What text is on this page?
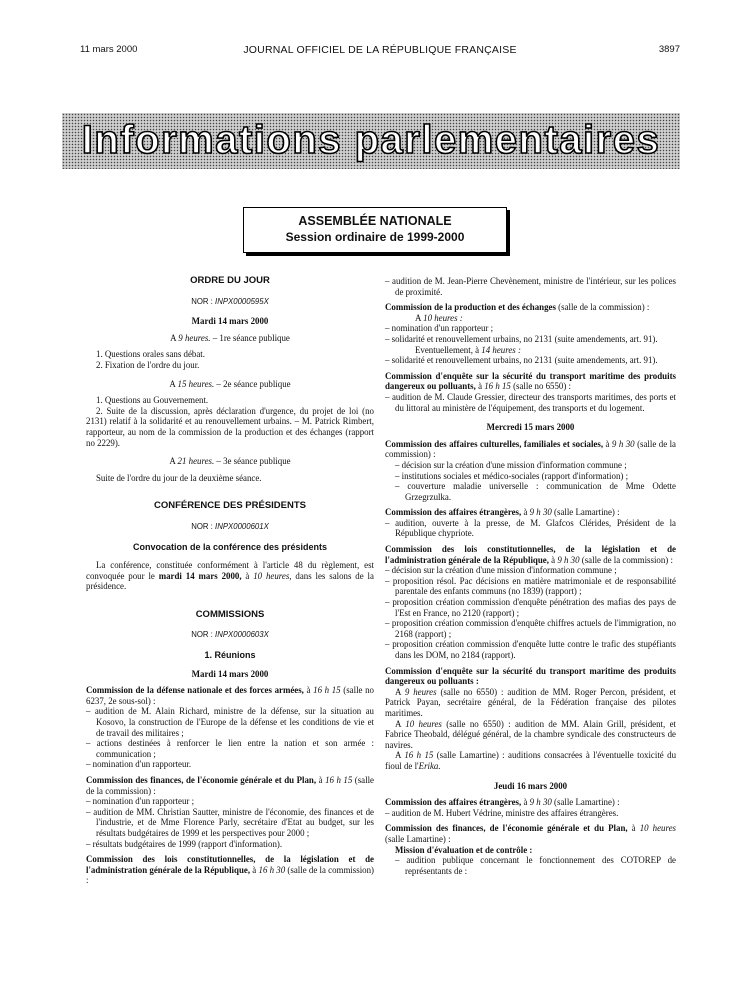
11 mars 2000	JOURNAL OFFICIEL DE LA RÉPUBLIQUE FRANÇAISE	3897
Informations parlementaires
ASSEMBLÉE NATIONALE
Session ordinaire de 1999-2000
ORDRE DU JOUR
NOR : INPX0000595X
Mardi 14 mars 2000
A 9 heures. – 1re séance publique

1. Questions orales sans débat.

2. Fixation de l'ordre du jour.

A 15 heures. – 2e séance publique

1. Questions au Gouvernement.

2. Suite de la discussion, après déclaration d'urgence, du projet de loi (no 2131) relatif à la solidarité et au renouvellement urbains. – M. Patrick Rimbert, rapporteur, au nom de la commission de la production et des échanges (rapport no 2229).

A 21 heures. – 3e séance publique

Suite de l'ordre du jour de la deuxième séance.

CONFÉRENCE DES PRÉSIDENTS
NOR : INPX0000601X
Convocation de la conférence des présidents

La conférence, constituée conformément à l'article 48 du règlement, est convoquée pour le mardi 14 mars 2000, à 10 heures, dans les salons de la présidence.

COMMISSIONS
NOR : INPX0000603X
1. Réunions
Mardi 14 mars 2000

Commission de la défense nationale et des forces armées, à 16 h 15 (salle no 6237, 2e sous-sol) :

– audition de M. Alain Richard, ministre de la défense, sur la situation au Kosovo, la construction de l'Europe de la défense et les conditions de vie et de travail des militaires ;

– actions destinées à renforcer le lien entre la nation et son armée : communication ;

– nomination d'un rapporteur.

Commission des finances, de l'économie générale et du Plan, à 16 h 15 (salle de la commission) :

– nomination d'un rapporteur ;

– audition de MM. Christian Sautter, ministre de l'économie, des finances et de l'industrie, et de Mme Florence Parly, secrétaire d'Etat au budget, sur les résultats budgétaires de 1999 et les perspectives pour 2000 ;

– résultats budgétaires de 1999 (rapport d'information).

Commission des lois constitutionnelles, de la législation et de l'administration générale de la République, à 16 h 30 (salle de la commission) :

– audition de M. Jean-Pierre Chevènement, ministre de l'intérieur, sur les polices de proximité.

Commission de la production et des échanges (salle de la commission) :

A 10 heures :

– nomination d'un rapporteur ;

– solidarité et renouvellement urbains, no 2131 (suite amendements, art. 91).

Eventuellement, à 14 heures :

– solidarité et renouvellement urbains, no 2131 (suite amendements, art. 91).

Commission d'enquête sur la sécurité du transport maritime des produits dangereux ou polluants, à 16 h 15 (salle no 6550) :

– audition de M. Claude Gressier, directeur des transports maritimes, des ports et du littoral au ministère de l'équipement, des transports et du logement.

Mercredi 15 mars 2000

Commission des affaires culturelles, familiales et sociales, à 9 h 30 (salle de la commission) :

– décision sur la création d'une mission d'information commune ;

– institutions sociales et médico-sociales (rapport d'information) ;

– couverture maladie universelle : communication de Mme Odette Grzegrzulka.

Commission des affaires étrangères, à 9 h 30 (salle Lamartine) :

– audition, ouverte à la presse, de M. Glafcos Clérides, Président de la République chypriote.

Commission des lois constitutionnelles, de la législation et de l'administration générale de la République, à 9 h 30 (salle de la commission) :

– décision sur la création d'une mission d'information commune ;

– proposition résol. Pac décisions en matière matrimoniale et de responsabilité parentale des enfants communs (no 1839) (rapport) ;

– proposition création commission d'enquête pénétration des mafias des pays de l'Est en France, no 2120 (rapport) ;

– proposition création commission d'enquête chiffres actuels de l'immigration, no 2168 (rapport) ;

– proposition création commission d'enquête lutte contre le trafic des stupéfiants dans les DOM, no 2184 (rapport).

Commission d'enquête sur la sécurité du transport maritime des produits dangereux ou polluants :

A 9 heures (salle no 6550) : audition de MM. Roger Percon, président, et Patrick Payan, secrétaire général, de la Fédération française des pilotes maritimes.

A 10 heures (salle no 6550) : audition de MM. Alain Grill, président, et Fabrice Theobald, délégué général, de la chambre syndicale des constructeurs de navires.

A 16 h 15 (salle Lamartine) : auditions consacrées à l'éventuelle toxicité du fioul de l'Erika.

Jeudi 16 mars 2000

Commission des affaires étrangères, à 9 h 30 (salle Lamartine) :

– audition de M. Hubert Védrine, ministre des affaires étrangères.

Commission des finances, de l'économie générale et du Plan, à 10 heures (salle Lamartine) :

Mission d'évaluation et de contrôle :

– audition publique concernant le fonctionnement des COTOREP de représentants de :
